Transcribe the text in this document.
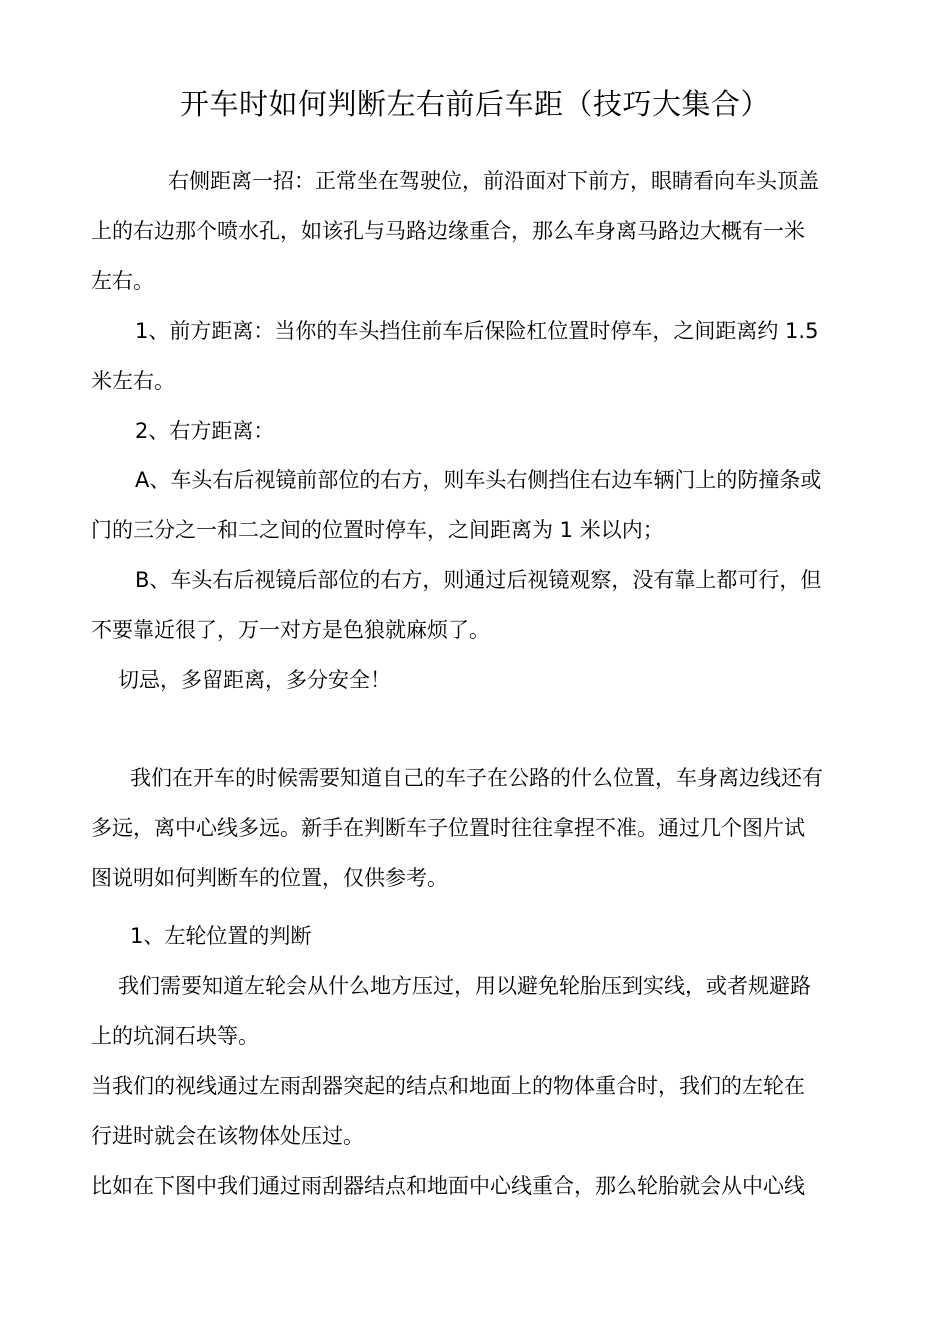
开车时如何判断左右前后车距（技巧大集合）
右侧距离一招：正常坐在驾驶位，前沿面对下前方，眼睛看向车头顶盖
上的右边那个喷水孔，如该孔与马路边缘重合，那么车身离马路边大概有一米
左右。
1、前方距离：当你的车头挡住前车后保险杠位置时停车，之间距离约 1.5
米左右。
2、右方距离：
A、车头右后视镜前部位的右方，则车头右侧挡住右边车辆门上的防撞条或
门的三分之一和二之间的位置时停车，之间距离为 1 米以内；
B、车头右后视镜后部位的右方，则通过后视镜观察，没有靠上都可行，但
不要靠近很了，万一对方是色狼就麻烦了。
切忌，多留距离，多分安全！
我们在开车的时候需要知道自己的车子在公路的什么位置，车身离边线还有
多远，离中心线多远。新手在判断车子位置时往往拿捏不准。通过几个图片试
图说明如何判断车的位置，仅供参考。
1、左轮位置的判断
我们需要知道左轮会从什么地方压过，用以避免轮胎压到实线，或者规避路
上的坑洞石块等。
当我们的视线通过左雨刮器突起的结点和地面上的物体重合时，我们的左轮在
行进时就会在该物体处压过。
比如在下图中我们通过雨刮器结点和地面中心线重合，那么轮胎就会从中心线
